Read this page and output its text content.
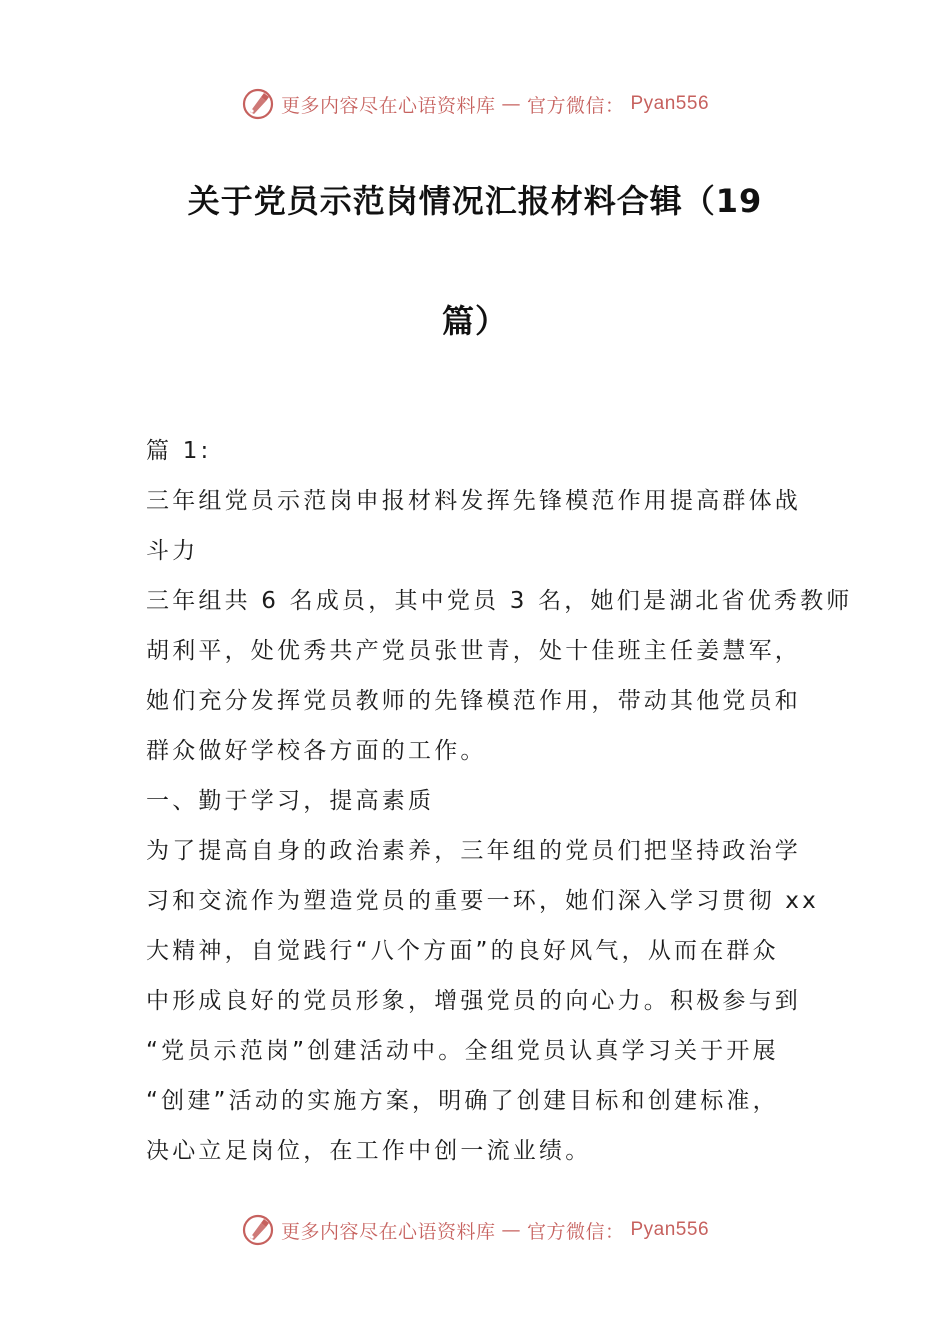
更多内容尽在心语资料库 — 官方微信： Pyan556
关于党员示范岗情况汇报材料合辑（19
篇）

篇 1:

三年组党员示范岗申报材料发挥先锋模范作用提高群体战

斗力

三年组共 6 名成员，其中党员 3 名，她们是湖北省优秀教师

胡利平，处优秀共产党员张世青，处十佳班主任姜慧军，

她们充分发挥党员教师的先锋模范作用，带动其他党员和

群众做好学校各方面的工作。

一、勤于学习，提高素质

为了提高自身的政治素养，三年组的党员们把坚持政治学

习和交流作为塑造党员的重要一环，她们深入学习贯彻 xx

大精神，自觉践行“八个方面”的良好风气，从而在群众

中形成良好的党员形象，增强党员的向心力。积极参与到

“党员示范岗”创建活动中。全组党员认真学习关于开展

“创建”活动的实施方案，明确了创建目标和创建标准，

决心立足岗位，在工作中创一流业绩。

更多内容尽在心语资料库 — 官方微信： Pyan556
